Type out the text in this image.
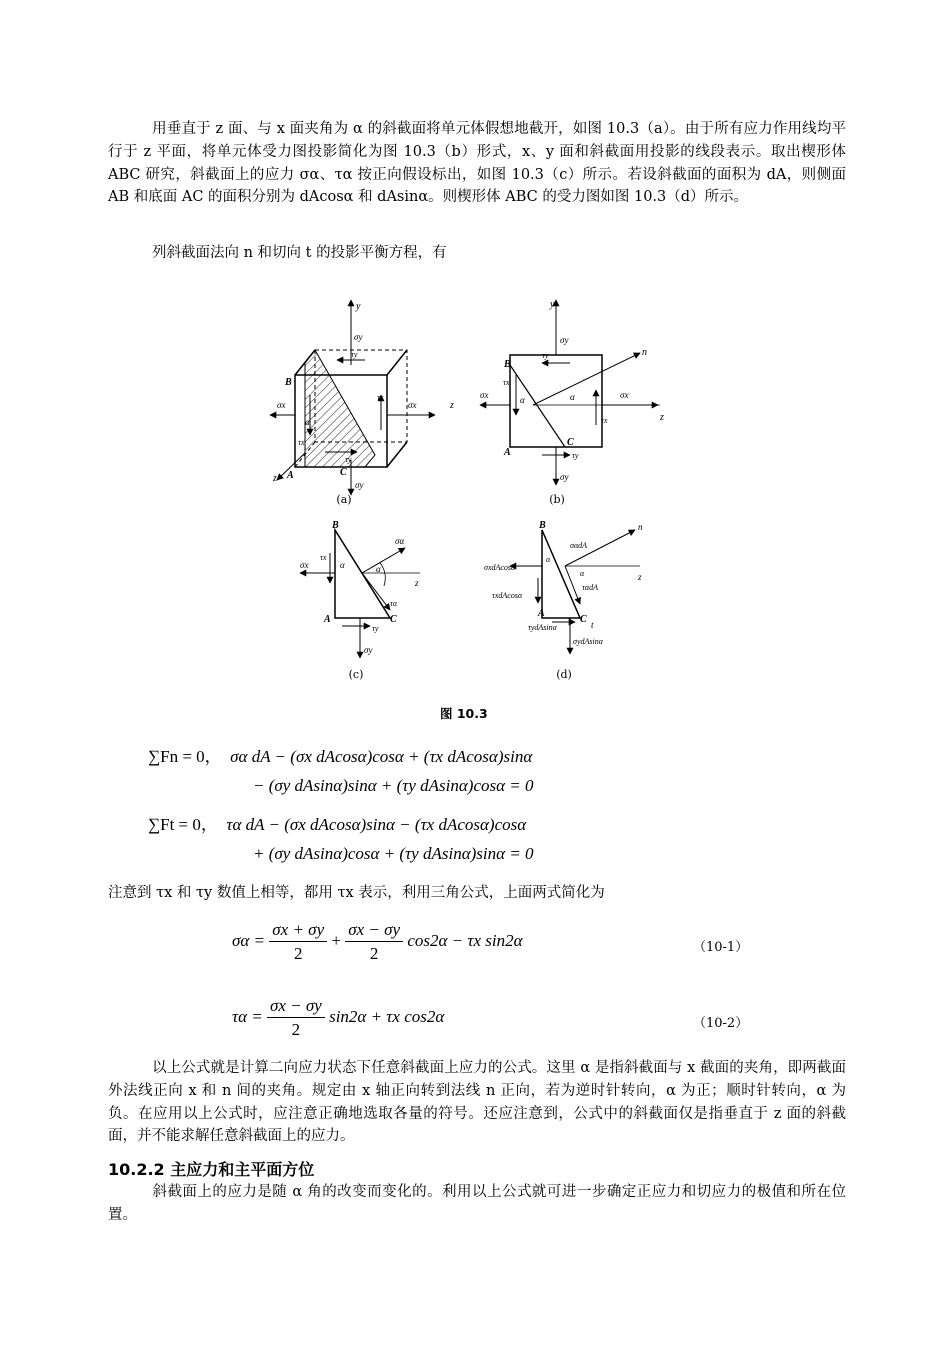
用垂直于 z 面、与 x 面夹角为 α 的斜截面将单元体假想地截开，如图 10.3（a）。由于所有应力作用线均平行于 z 平面，将单元体受力图投影简化为图 10.3（b）形式，x、y 面和斜截面用投影的线段表示。取出楔形体 ABC 研究，斜截面上的应力 σα、τα 按正向假设标出，如图 10.3（c）所示。若设斜截面的面积为 dA，则侧面 AB 和底面 AC 的面积分别为 dAcosα 和 dAsinα。则楔形体 ABC 的受力图如图 10.3（d）所示。

列斜截面法向 n 和切向 t 的投影平衡方程，有

y
σy
τy
σx	σx	z
τx
τx
α
τy
σy
z
B
A	C
(a)
n
z
σx
σx
y
σy
τy
τx
τx
α	α
τy
σy
B
A
C
(b)
σx
τx
σα
τα
z
α
α
τy
σy
B
A	C
(c)
σxdAcosα
τxdAcosα
n
σαdA
ταdA
z
α
α
τydAsinα
σydAsinα
t
B
A
C
(d)
图 10.3
∑Fn = 0， σα dA − (σx dAcosα)cosα + (τx dAcosα)sinα
− (σy dAsinα)sinα + (τy dAsinα)cosα = 0
∑Ft = 0， τα dA − (σx dAcosα)sinα − (τx dAcosα)cosα
+ (σy dAsinα)cosα + (τy dAsinα)sinα = 0

注意到 τx 和 τy 数值上相等，都用 τx 表示，利用三角公式，上面两式简化为

$\sigma\alpha = \frac{\sigma x + \sigma y}{2} + \frac{\sigma x - \sigma y}{2} \cos 2\alpha - \tau x$ sin2α	（10-1）
$\tau\alpha = \frac{\sigma x - \sigma y}{2} \sin 2\alpha + \tau x$ cos2α	（10-2）

以上公式就是计算二向应力状态下任意斜截面上应力的公式。这里 α 是指斜截面与 x 截面的夹角，即两截面外法线正向 x 和 n 间的夹角。规定由 x 轴正向转到法线 n 正向，若为逆时针转向，α 为正；顺时针转向，α 为负。在应用以上公式时，应注意正确地选取各量的符号。还应注意到，公式中的斜截面仅是指垂直于 z 面的斜截面，并不能求解任意斜截面上的应力。

10.2.2 主应力和主平面方位

斜截面上的应力是随 α 角的改变而变化的。利用以上公式就可进一步确定正应力和切应力的极值和所在位置。
